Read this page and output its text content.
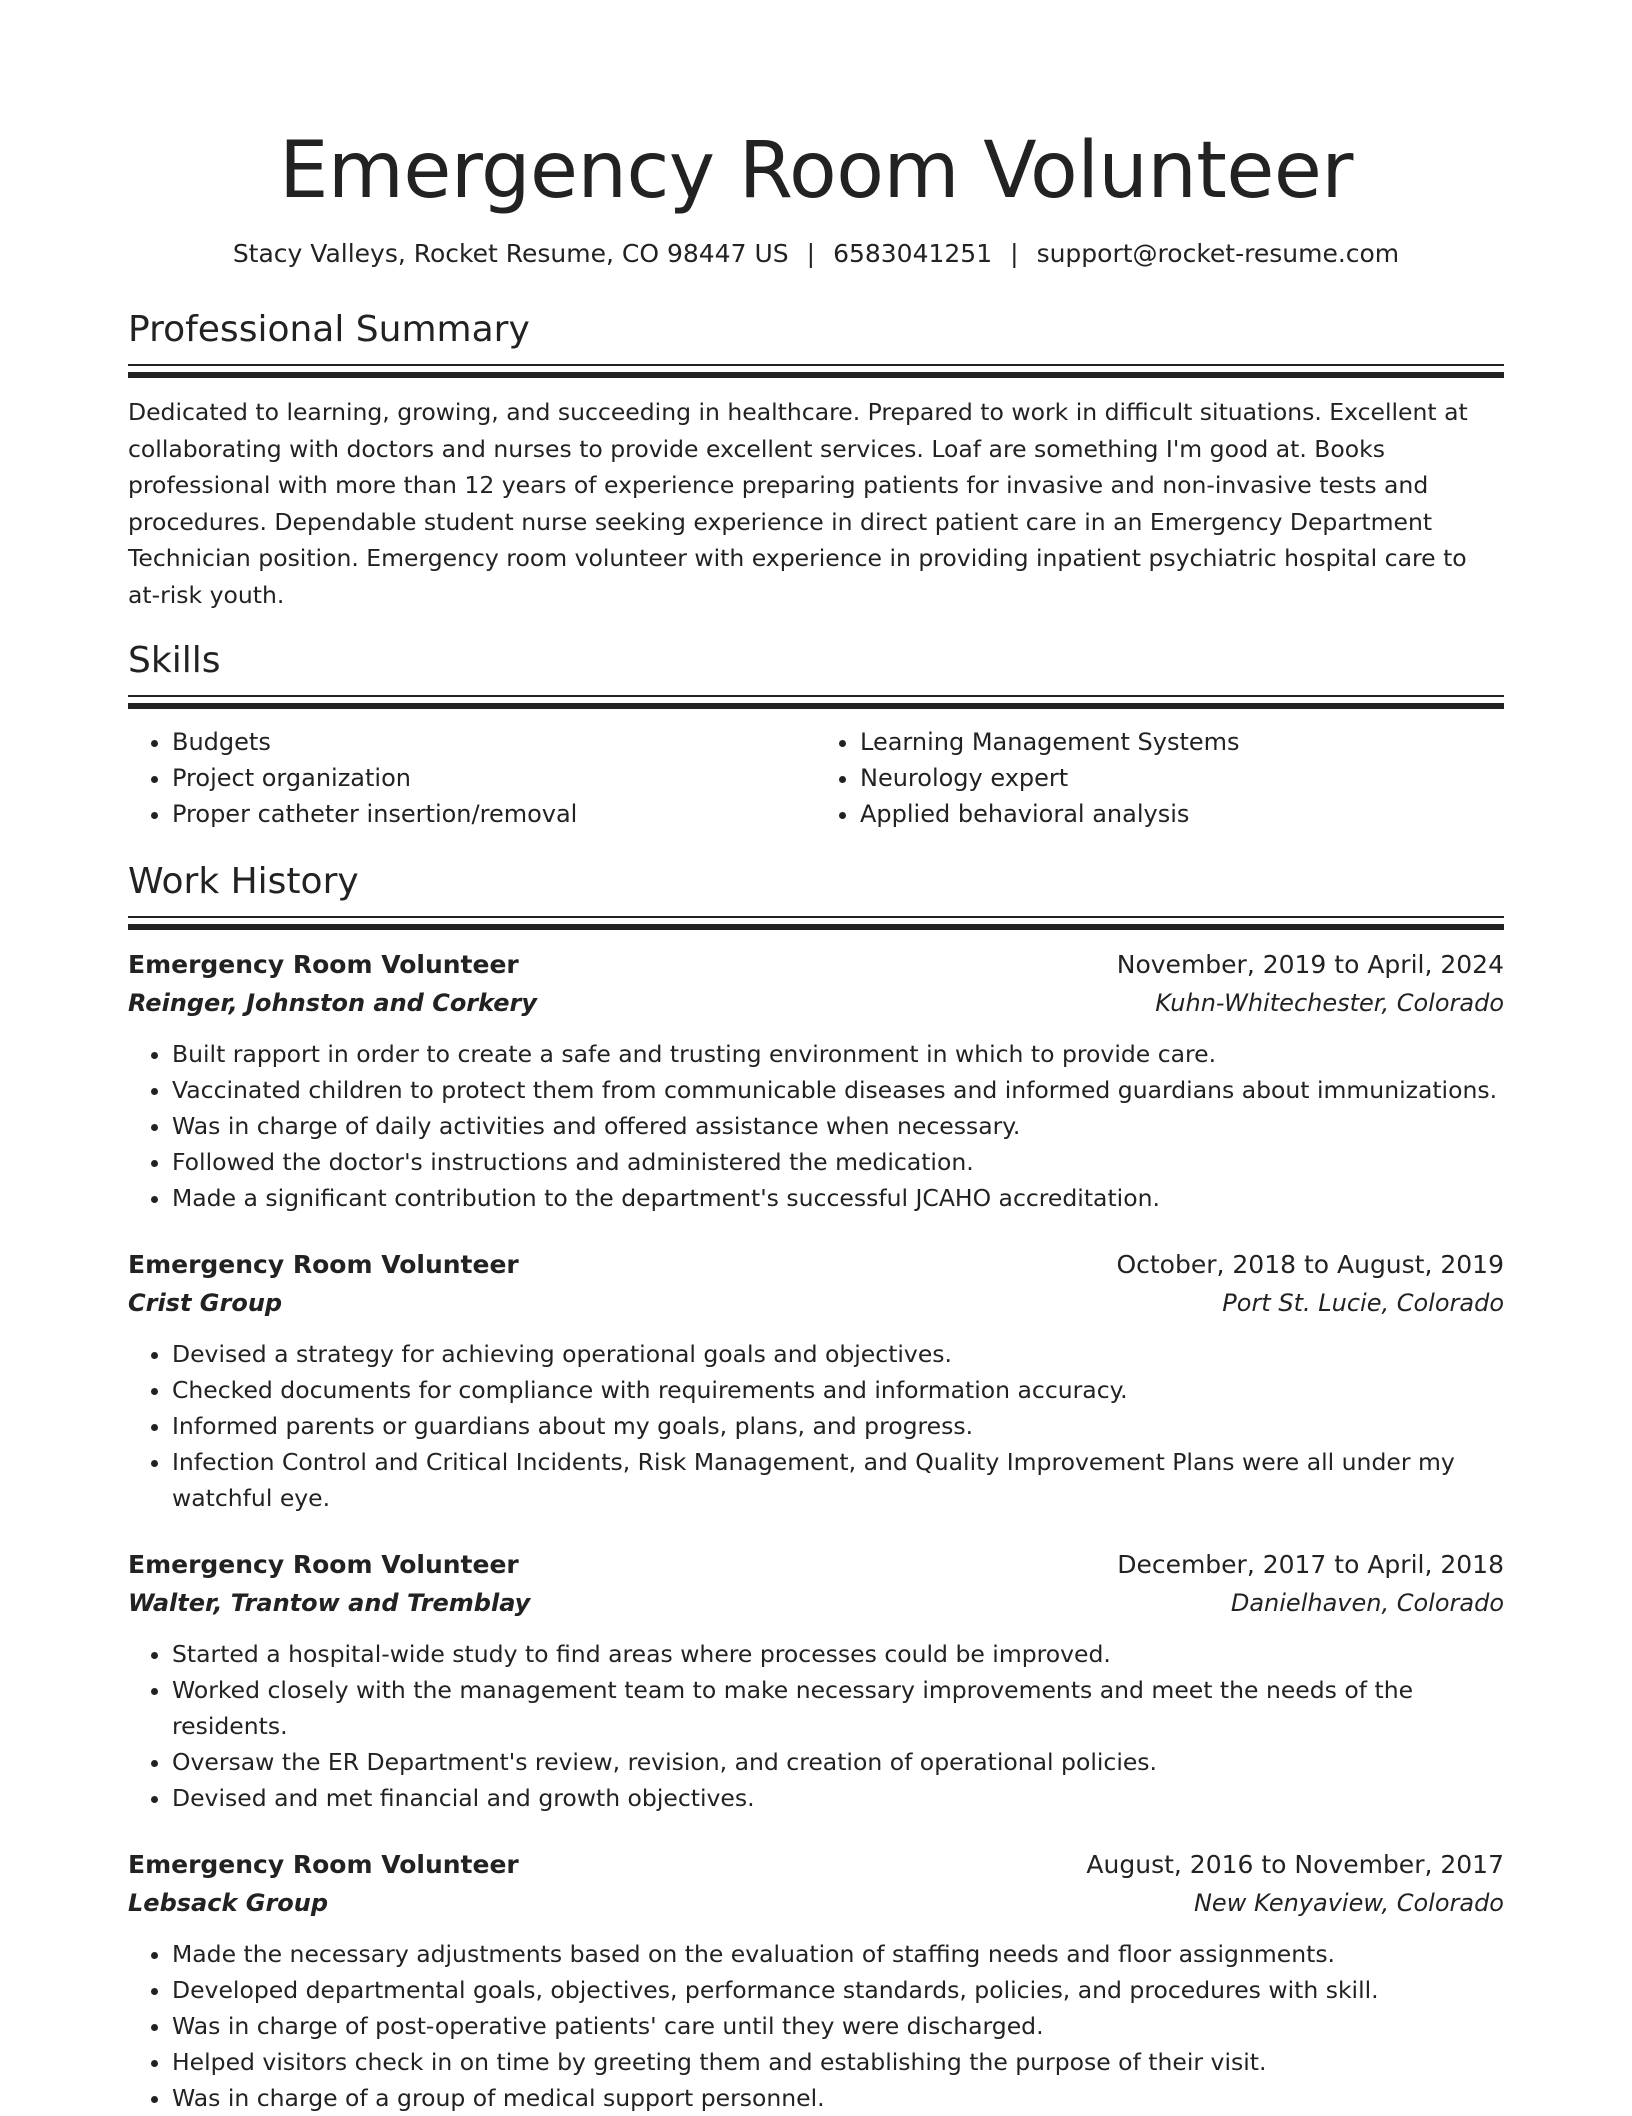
Emergency Room Volunteer
Stacy Valleys, Rocket Resume, CO 98447 US | 6583041251 | support@rocket-resume.com
Professional Summary

Dedicated to learning, growing, and succeeding in healthcare. Prepared to work in difficult situations. Excellent at collaborating with doctors and nurses to provide excellent services. Loaf are something I'm good at. Books professional with more than 12 years of experience preparing patients for invasive and non-invasive tests and procedures. Dependable student nurse seeking experience in direct patient care in an Emergency Department Technician position. Emergency room volunteer with experience in providing inpatient psychiatric hospital care to at-risk youth.

Skills
• Budgets
• Project organization
• Proper catheter insertion/removal
• Learning Management Systems
• Neurology expert
• Applied behavioral analysis
Work History
Emergency Room Volunteer	November, 2019 to April, 2024
Reinger, Johnston and Corkery	Kuhn-Whitechester, Colorado
• Built rapport in order to create a safe and trusting environment in which to provide care.
• Vaccinated children to protect them from communicable diseases and informed guardians about immunizations.
• Was in charge of daily activities and offered assistance when necessary.
• Followed the doctor's instructions and administered the medication.
• Made a significant contribution to the department's successful JCAHO accreditation.
Emergency Room Volunteer	October, 2018 to August, 2019
Crist Group	Port St. Lucie, Colorado
• Devised a strategy for achieving operational goals and objectives.
• Checked documents for compliance with requirements and information accuracy.
• Informed parents or guardians about my goals, plans, and progress.
• Infection Control and Critical Incidents, Risk Management, and Quality Improvement Plans were all under my watchful eye.
Emergency Room Volunteer	December, 2017 to April, 2018
Walter, Trantow and Tremblay	Danielhaven, Colorado
• Started a hospital-wide study to find areas where processes could be improved.
• Worked closely with the management team to make necessary improvements and meet the needs of the residents.
• Oversaw the ER Department's review, revision, and creation of operational policies.
• Devised and met financial and growth objectives.
Emergency Room Volunteer	August, 2016 to November, 2017
Lebsack Group	New Kenyaview, Colorado
• Made the necessary adjustments based on the evaluation of staffing needs and floor assignments.
• Developed departmental goals, objectives, performance standards, policies, and procedures with skill.
• Was in charge of post-operative patients' care until they were discharged.
• Helped visitors check in on time by greeting them and establishing the purpose of their visit.
• Was in charge of a group of medical support personnel.
